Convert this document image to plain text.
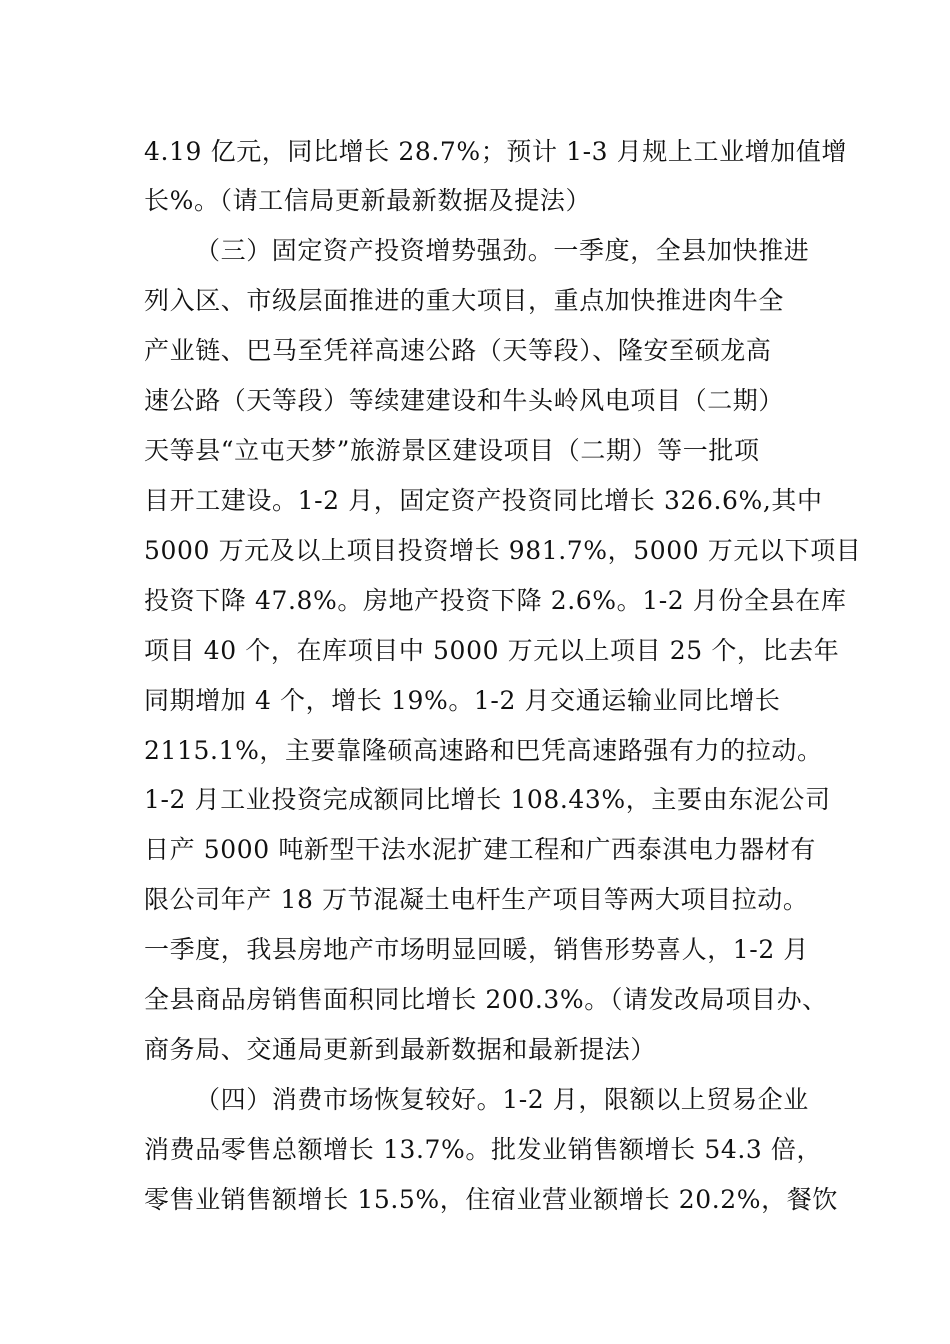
4.19 亿元，同比增长 28.7%；预计 1-3 月规上工业增加值增
长%。（请工信局更新最新数据及提法）
（三）固定资产投资增势强劲。一季度，全县加快推进
列入区、市级层面推进的重大项目，重点加快推进肉牛全
产业链、巴马至凭祥高速公路（天等段）、隆安至硕龙高
速公路（天等段）等续建建设和牛头岭风电项目（二期）
天等县“立屯天梦”旅游景区建设项目（二期）等一批项
目开工建设。1-2 月，固定资产投资同比增长 326.6%,其中
5000 万元及以上项目投资增长 981.7%，5000 万元以下项目
投资下降 47.8%。房地产投资下降 2.6%。1-2 月份全县在库
项目 40 个，在库项目中 5000 万元以上项目 25 个，比去年
同期增加 4 个，增长 19%。1-2 月交通运输业同比增长
2115.1%，主要靠隆硕高速路和巴凭高速路强有力的拉动。
1-2 月工业投资完成额同比增长 108.43%，主要由东泥公司
日产 5000 吨新型干法水泥扩建工程和广西泰淇电力器材有
限公司年产 18 万节混凝土电杆生产项目等两大项目拉动。
一季度，我县房地产市场明显回暖，销售形势喜人，1-2 月
全县商品房销售面积同比增长 200.3%。（请发改局项目办、
商务局、交通局更新到最新数据和最新提法）
（四）消费市场恢复较好。1-2 月，限额以上贸易企业
消费品零售总额增长 13.7%。批发业销售额增长 54.3 倍，
零售业销售额增长 15.5%，住宿业营业额增长 20.2%，餐饮
